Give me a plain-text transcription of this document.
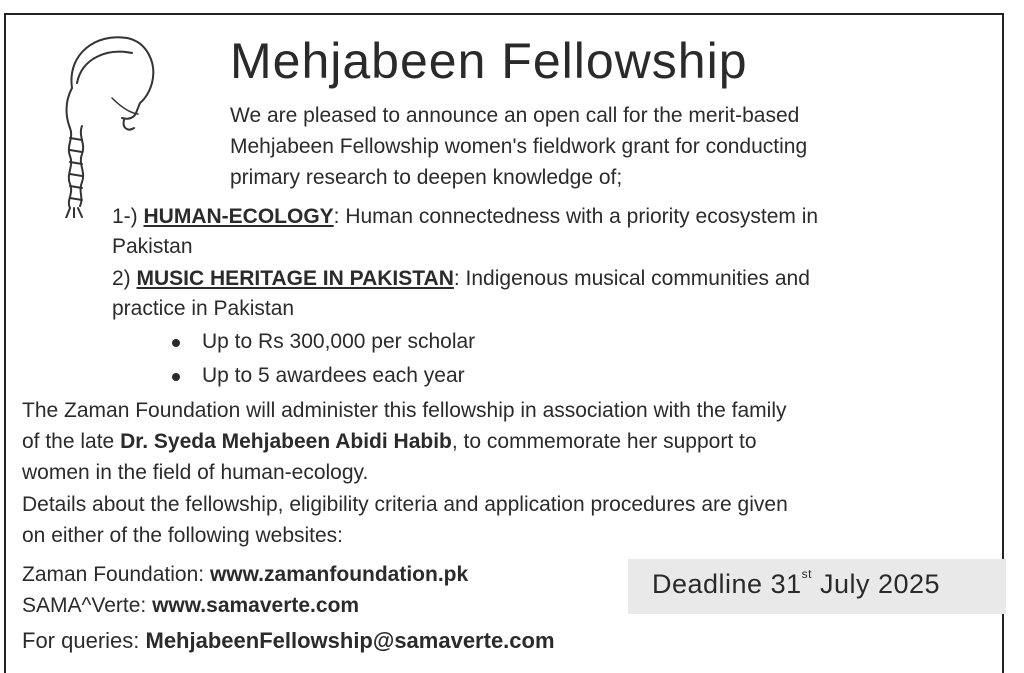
Mehjabeen Fellowship
We are pleased to announce an open call for the merit-based
Mehjabeen Fellowship women's fieldwork grant for conducting
primary research to deepen knowledge of;
1-) HUMAN-ECOLOGY: Human connectedness with a priority ecosystem in
Pakistan
2) MUSIC HERITAGE IN PAKISTAN: Indigenous musical communities and
practice in Pakistan
Up to Rs 300,000 per scholar
Up to 5 awardees each year
The Zaman Foundation will administer this fellowship in association with the family
of the late Dr. Syeda Mehjabeen Abidi Habib, to commemorate her support to
women in the field of human-ecology.
Details about the fellowship, eligibility criteria and application procedures are given
on either of the following websites:
Zaman Foundation: www.zamanfoundation.pk
SAMA^Verte: www.samaverte.com
For queries: MehjabeenFellowship@samaverte.com
Deadline 31st July 2025
